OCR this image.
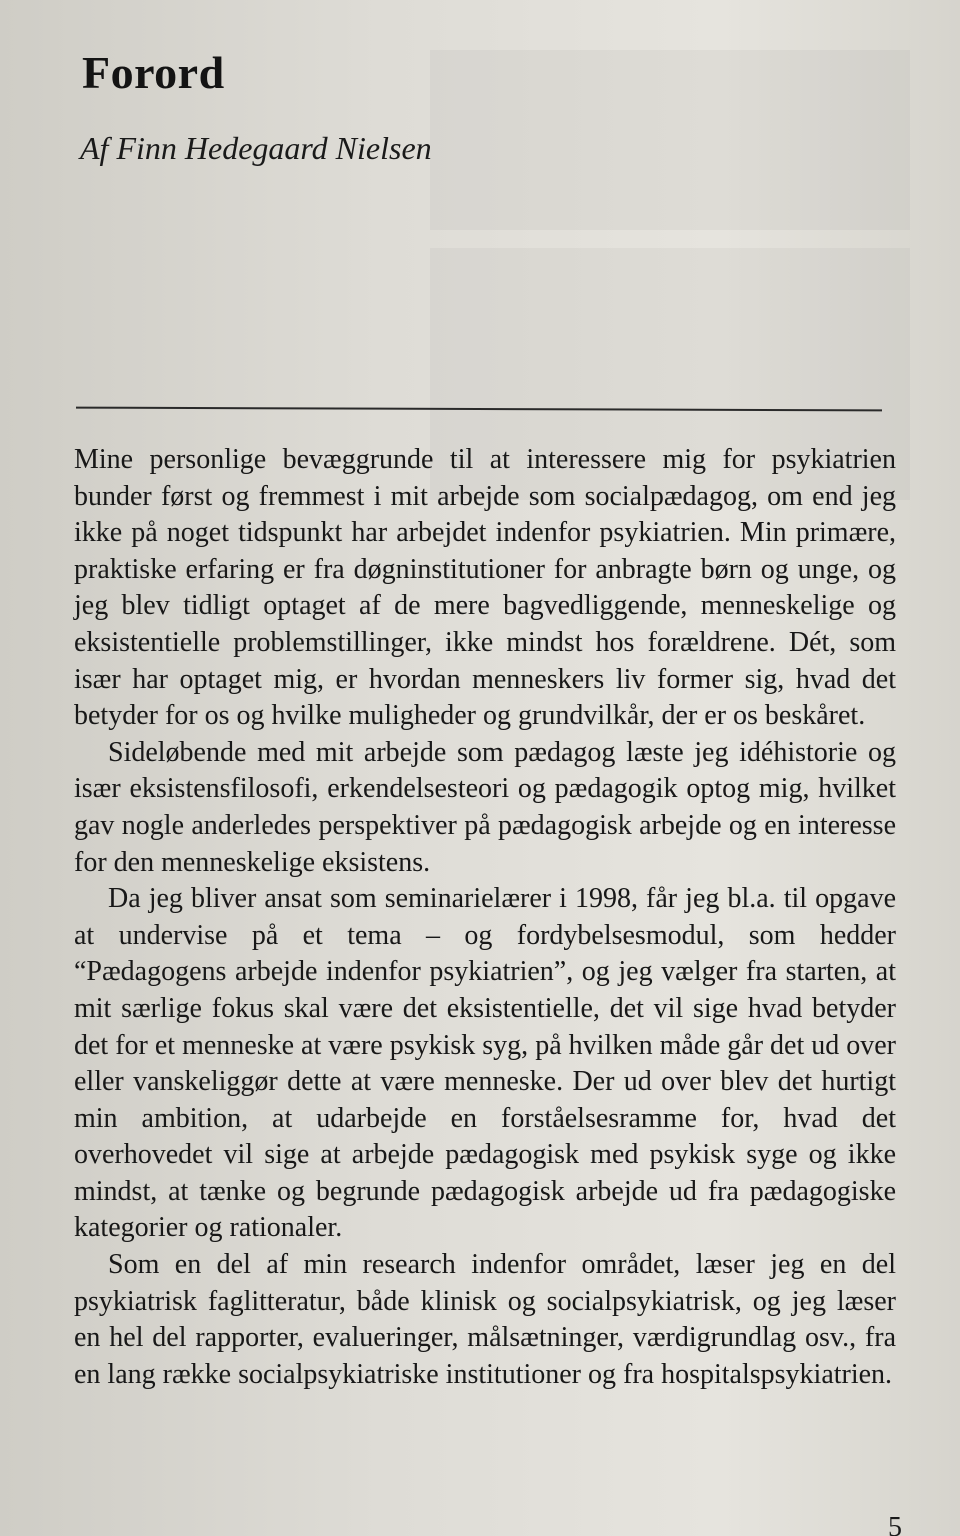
Forord
Af Finn Hedegaard Nielsen

Mine personlige bevæggrunde til at interessere mig for psykiatrien bunder først og fremmest i mit arbejde som socialpædagog, om end jeg ikke på noget tidspunkt har arbejdet indenfor psykiatrien. Min primære, praktiske erfaring er fra døgninstitutioner for anbragte børn og unge, og jeg blev tidligt optaget af de mere bagvedliggende, menneskelige og eksistentielle problemstillinger, ikke mindst hos forældrene. Dét, som især har optaget mig, er hvordan menneskers liv former sig, hvad det betyder for os og hvilke muligheder og grundvilkår, der er os beskåret.

Sideløbende med mit arbejde som pædagog læste jeg idéhistorie og især eksistensfilosofi, erkendelsesteori og pædagogik optog mig, hvilket gav nogle anderledes perspektiver på pædagogisk arbejde og en interesse for den menneskelige eksistens.

Da jeg bliver ansat som seminarielærer i 1998, får jeg bl.a. til opgave at undervise på et tema – og fordybelsesmodul, som hedder “Pædagogens arbejde indenfor psykiatrien”, og jeg vælger fra starten, at mit særlige fokus skal være det eksistentielle, det vil sige hvad betyder det for et menneske at være psykisk syg, på hvilken måde går det ud over eller vanskeliggør dette at være menneske. Der ud over blev det hurtigt min ambition, at udarbejde en forståelsesramme for, hvad det overhovedet vil sige at arbejde pædagogisk med psykisk syge og ikke mindst, at tænke og begrunde pædagogisk arbejde ud fra pædagogiske kategorier og rationaler.

Som en del af min research indenfor området, læser jeg en del psykiatrisk faglitteratur, både klinisk og socialpsykiatrisk, og jeg læser en hel del rapporter, evalueringer, målsætninger, værdigrundlag osv., fra en lang række socialpsykiatriske institutioner og fra hospitalspsykiatrien.

5
